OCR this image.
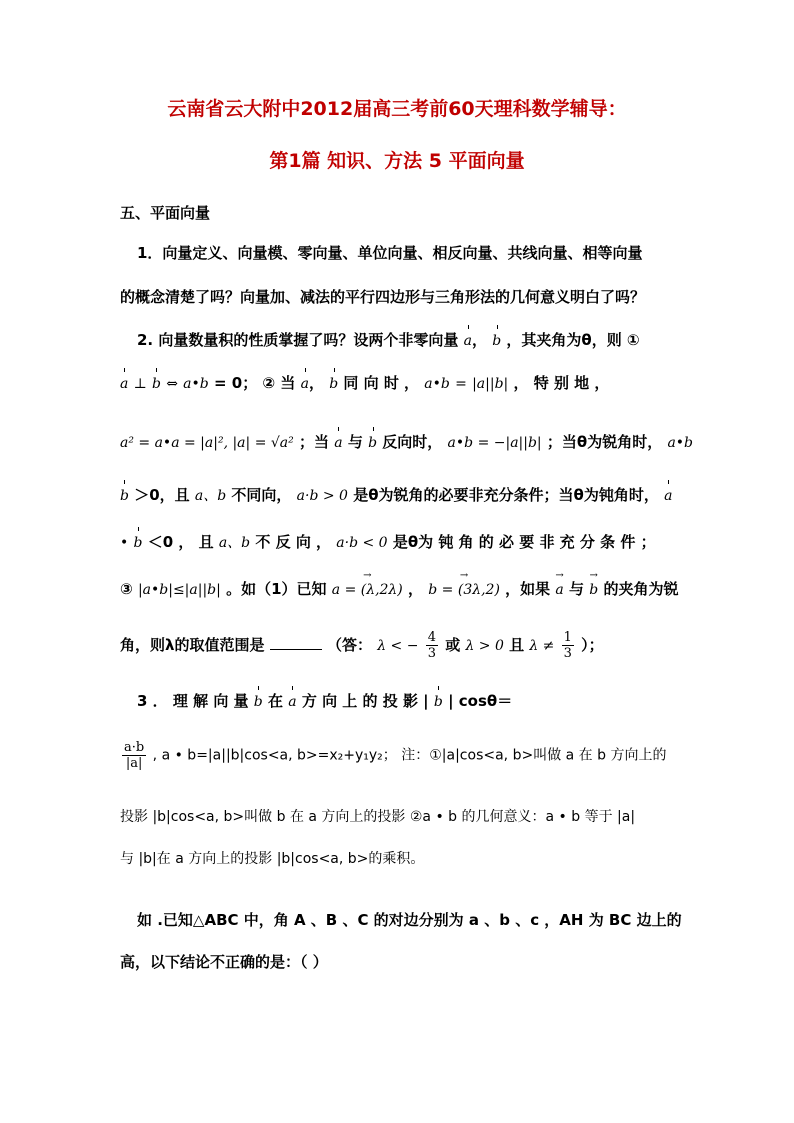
云南省云大附中2012届高三考前60天理科数学辅导：
第1篇 知识、方法 5 平面向量
五、平面向量
1．向量定义、向量模、零向量、单位向量、相反向量、共线向量、相等向量
的概念清楚了吗？向量加、减法的平行四边形与三角形法的几何意义明白了吗？
2. 向量数量积的性质掌握了吗？设两个非零向量 a， b ，其夹角为θ，则 ①
a ⊥ b ⇔ a•b = 0； ② 当 a， b 同 向 时 ， a•b = |a||b| ， 特 别 地 ，
a² = a•a = |a|², |a| = √a² ；当 a 与 b 反向时， a•b = −|a||b| ；当θ为锐角时， a•b
b ＞0，且 a、b 不同向， a·b > 0 是θ为锐角的必要非充分条件；当θ为钝角时， a
• b ＜0 ， 且 a、b 不 反 向 ， a·b < 0 是θ为 钝 角 的 必 要 非 充 分 条 件 ；
③ |a•b|≤|a||b| 。如（1）已知 → a = (λ,2λ) ， → b = (3λ,2) ，如果 → a 与 → b 的夹角为锐
角，则λ的取值范围是	（答： λ < − $\frac{4}{3}$ 或 λ > 0 且 $\lambda \ne \frac{1}{3}$ ）；
3 ． 理 解 向 量 b 在 a 方 向 上 的 投 影 | b | cosθ＝
$\frac{a\cdot b}{|a|}$ , a • b=|a||b|cos<a, b>=x₂+y₁y₂； 注：①|a|cos<a, b>叫做 a 在 b 方向上的
投影 |b|cos<a, b>叫做 b 在 a 方向上的投影 ②a • b 的几何意义：a • b 等于 |a|
与 |b|在 a 方向上的投影 |b|cos<a, b>的乘积。
如 .已知△ABC 中，角 A 、B 、C 的对边分别为 a 、b 、c ，AH 为 BC 边上的
高，以下结论不正确的是：（ ）
